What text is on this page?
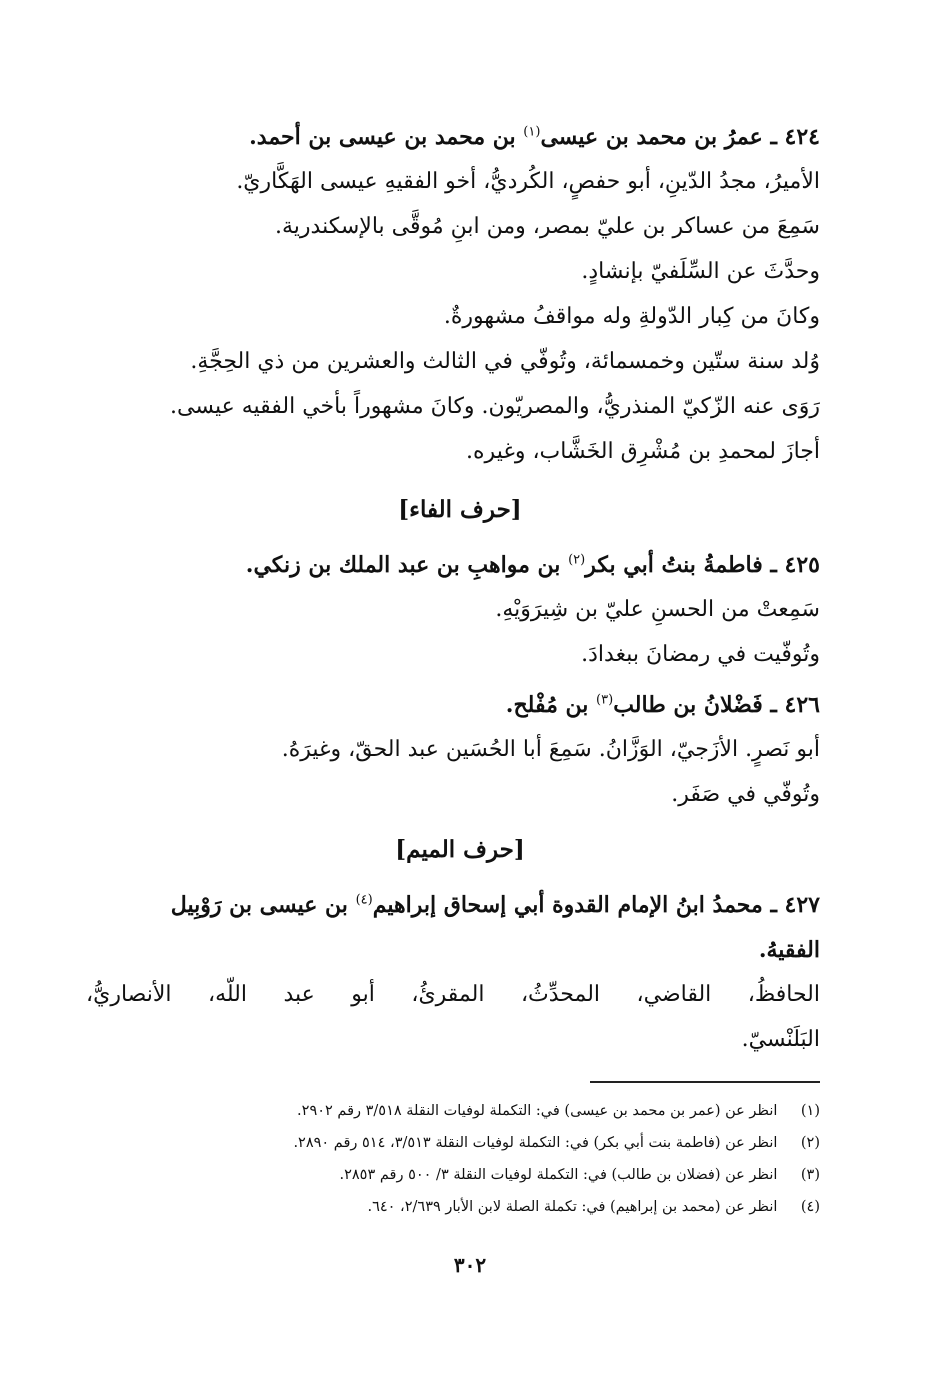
٤٢٤ ـ عمرُ بن محمد بن عيسى$^{(١)}$ بن محمد بن عيسى بن أحمد.
الأميرُ، مجدُ الدّينِ، أبو حفصٍ، الكُرديُّ، أخو الفقيهِ عيسى الهَكَّاريّ.
سَمِعَ من عساكر بن عليّ بمصر، ومن ابنِ مُوقَّى بالإسكندرية.
وحدَّثَ عن السِّلَفيّ بإنشادٍ.
وكانَ من كِبار الدّولةِ وله مواقفُ مشهورةٌ.
وُلد سنة ستّين وخمسمائة، وتُوفّي في الثالث والعشرين من ذي الحِجَّةِ.
رَوَى عنه الزّكيّ المنذريُّ، والمصريّون. وكانَ مشهوراً بأخي الفقيه عيسى.
أجازَ لمحمدِ بن مُشْرِق الخَشَّاب، وغيره.
[حرف الفاء]
٤٢٥ ـ فاطمةُ بنتُ أبي بكر$^{(٢)}$ بن مواهبِ بن عبد الملك بن زنكي.
سَمِعتْ من الحسنِ عليّ بن شِيرَوَيْهِ.
وتُوفّيت في رمضانَ ببغدادَ.
٤٢٦ ـ فَضْلانُ بن طالب$^{(٣)}$ بن مُفْلح.
أبو نَصرٍ. الأزَجيّ، الوَزَّانُ. سَمِعَ أبا الحُسَين عبد الحقّ، وغيرَهُ.
وتُوفّي في صَفَر.
[حرف الميم]
٤٢٧ ـ محمدُ ابنُ الإمام القدوة أبي إسحاق إبراهيم$^{(٤)}$ بن عيسى بن رَوْبِيل
الفقيهُ.
الحافظُ، القاضي، المحدِّثُ، المقرئُ، أبو عبد اللّه، الأنصاريُّ،
البَلَنْسيّ.
(١) انظر عن (عمر بن محمد بن عيسى) في: التكملة لوفيات النقلة ٣/٥١٨ رقم ٢٩٠٢.
(٢) انظر عن (فاطمة بنت أبي بكر) في: التكملة لوفيات النقلة ٣/٥١٣، ٥١٤ رقم ٢٨٩٠.
(٣) انظر عن (فضلان بن طالب) في: التكملة لوفيات النقلة ٣/ ٥٠٠ رقم ٢٨٥٣.
(٤) انظر عن (محمد بن إبراهيم) في: تكملة الصلة لابن الأبار ٢/٦٣٩، ٦٤٠.
٣٠٢
